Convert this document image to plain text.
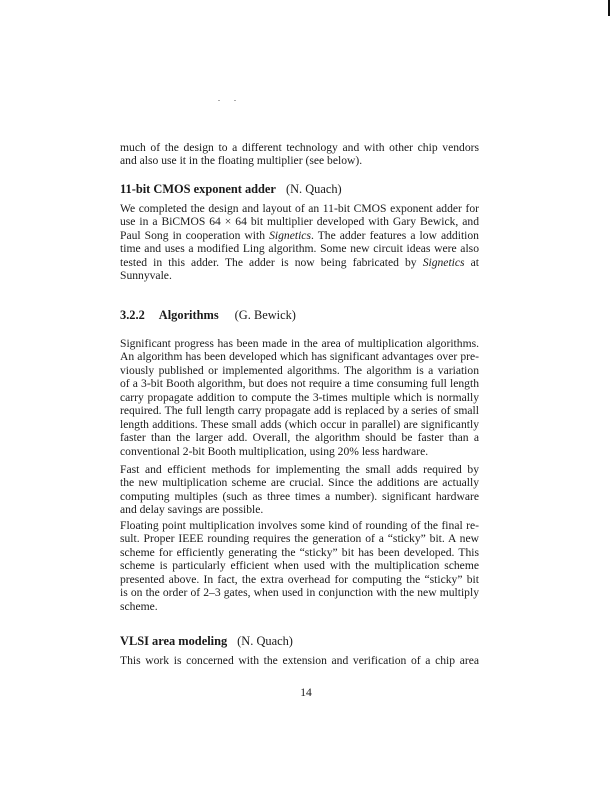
much of the design to a different technology and with other chip vendors
and also use it in the floating multiplier (see below).
11-bit CMOS exponent adder (N. Quach)
We completed the design and layout of an 11-bit CMOS exponent adder for
use in a BiCMOS 64 × 64 bit multiplier developed with Gary Bewick, and
Paul Song in cooperation with Signetics. The adder features a low addition
time and uses a modified Ling algorithm. Some new circuit ideas were also
tested in this adder. The adder is now being fabricated by Signetics at
Sunnyvale.
3.2.2 Algorithms (G. Bewick)
Significant progress has been made in the area of multiplication algorithms.
An algorithm has been developed which has significant advantages over pre-
viously published or implemented algorithms. The algorithm is a variation
of a 3-bit Booth algorithm, but does not require a time consuming full length
carry propagate addition to compute the 3-times multiple which is normally
required. The full length carry propagate add is replaced by a series of small
length additions. These small adds (which occur in parallel) are significantly
faster than the larger add. Overall, the algorithm should be faster than a
conventional 2-bit Booth multiplication, using 20% less hardware.
Fast and efficient methods for implementing the small adds required by
the new multiplication scheme are crucial. Since the additions are actually
computing multiples (such as three times a number). significant hardware
and delay savings are possible.
Floating point multiplication involves some kind of rounding of the final re-
sult. Proper IEEE rounding requires the generation of a “sticky” bit. A new
scheme for efficiently generating the “sticky” bit has been developed. This
scheme is particularly efficient when used with the multiplication scheme
presented above. In fact, the extra overhead for computing the “sticky” bit
is on the order of 2–3 gates, when used in conjunction with the new multiply
scheme.
VLSI area modeling (N. Quach)
This work is concerned with the extension and verification of a chip area
14
